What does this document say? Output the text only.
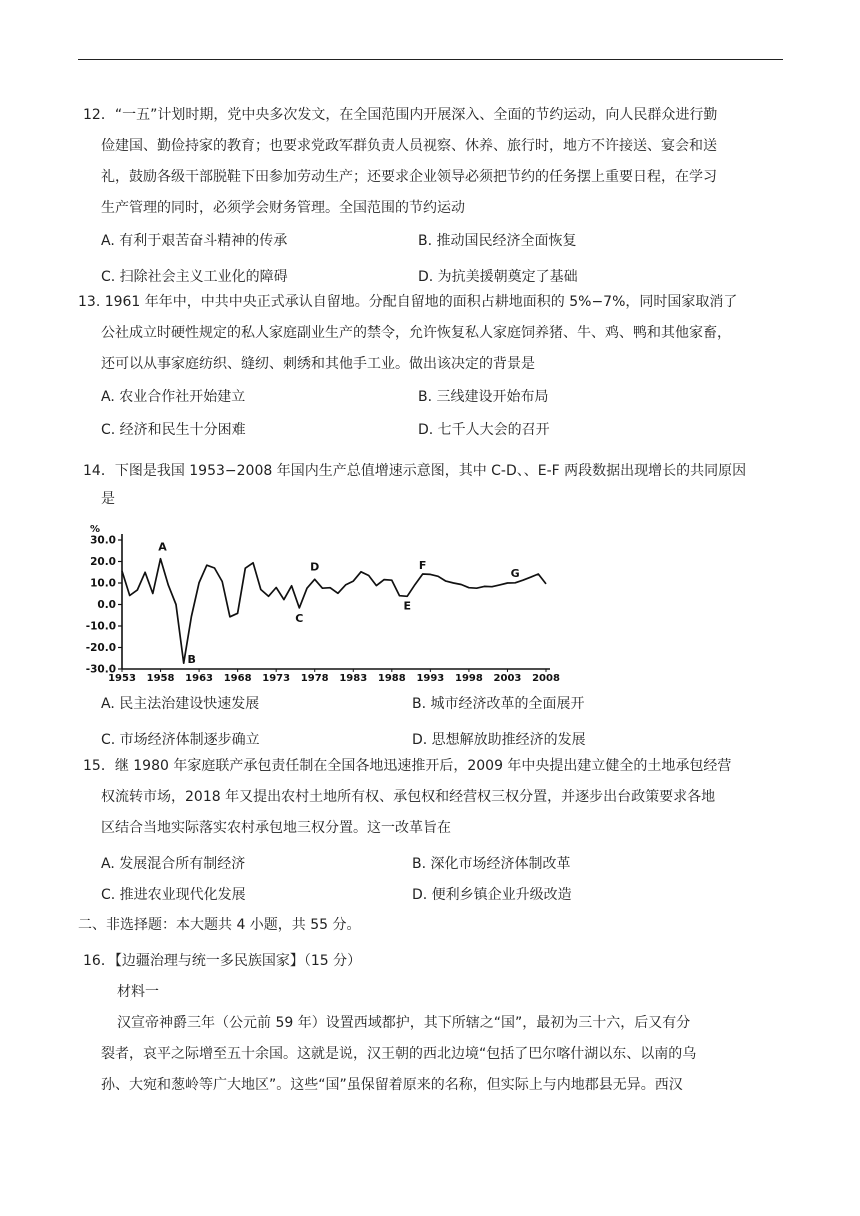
12．“一五”计划时期，党中央多次发文，在全国范围内开展深入、全面的节约运动，向人民群众进行勤
俭建国、勤俭持家的教育；也要求党政军群负责人员视察、休养、旅行时，地方不许接送、宴会和送
礼，鼓励各级干部脱鞋下田参加劳动生产；还要求企业领导必须把节约的任务摆上重要日程，在学习
生产管理的同时，必须学会财务管理。全国范围的节约运动
A. 有利于艰苦奋斗精神的传承	B. 推动国民经济全面恢复
C. 扫除社会主义工业化的障碍	D. 为抗美援朝奠定了基础
13. 1961 年年中，中共中央正式承认自留地。分配自留地的面积占耕地面积的 5%−7%，同时国家取消了
公社成立时硬性规定的私人家庭副业生产的禁令，允许恢复私人家庭饲养猪、牛、鸡、鸭和其他家畜，
还可以从事家庭纺织、缝纫、刺绣和其他手工业。做出该决定的背景是
A. 农业合作社开始建立	B. 三线建设开始布局
C. 经济和民生十分困难	D. 七千人大会的召开
14．下图是我国 1953−2008 年国内生产总值增速示意图，其中 C-D、、E-F 两段数据出现增长的共同原因
是
%
30.0
20.0
10.0
0.0
-10.0
-20.0
-30.0
1953 1958 1963 1968 1973 1978 1983 1988 1993 1998 2003 2008
A
B
C
D
E
F
G
A. 民主法治建设快速发展	B. 城市经济改革的全面展开
C. 市场经济体制逐步确立	D. 思想解放助推经济的发展
15．继 1980 年家庭联产承包责任制在全国各地迅速推开后，2009 年中央提出建立健全的土地承包经营
权流转市场，2018 年又提出农村土地所有权、承包权和经营权三权分置，并逐步出台政策要求各地
区结合当地实际落实农村承包地三权分置。这一改革旨在
A. 发展混合所有制经济	B. 深化市场经济体制改革
C. 推进农业现代化发展	D. 便利乡镇企业升级改造
二、非选择题：本大题共 4 小题，共 55 分。
16．【边疆治理与统一多民族国家】（15 分）
材料一
汉宣帝神爵三年（公元前 59 年）设置西域都护，其下所辖之“国”，最初为三十六，后又有分
裂者，哀平之际增至五十余国。这就是说，汉王朝的西北边境“包括了巴尔喀什湖以东、以南的乌
孙、大宛和葱岭等广大地区”。这些“国”虽保留着原来的名称，但实际上与内地郡县无异。西汉
